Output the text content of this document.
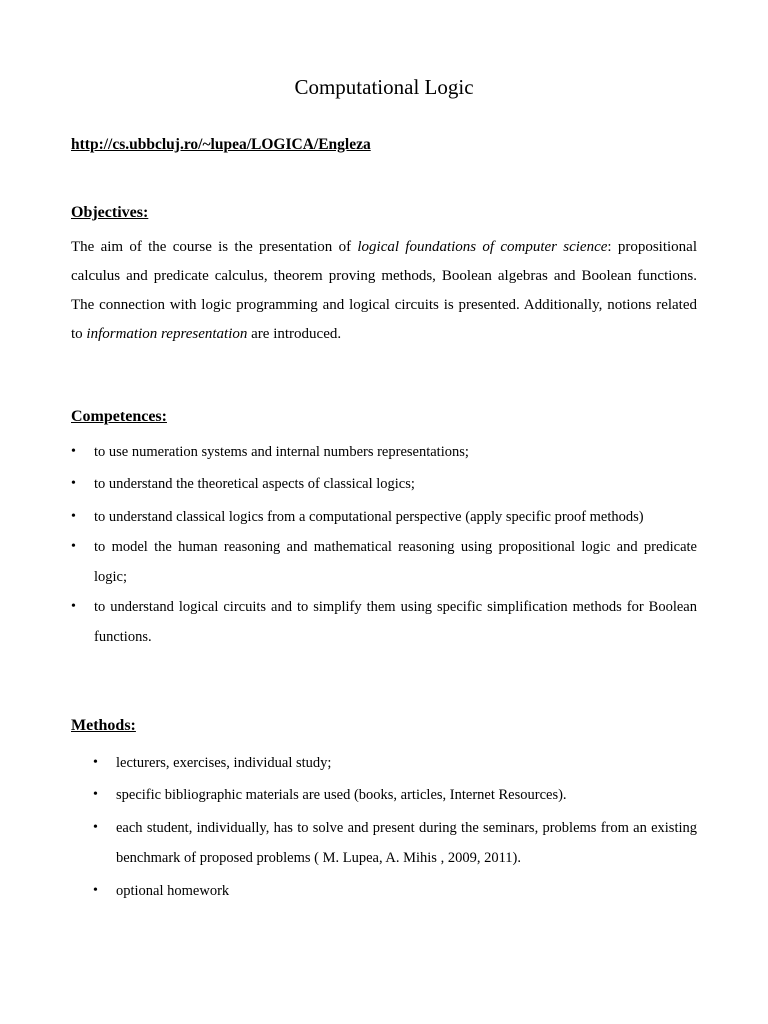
Computational Logic
http://cs.ubbcluj.ro/~lupea/LOGICA/Engleza
Objectives:
The aim of the course is the presentation of logical foundations of computer science: propositional calculus and predicate calculus, theorem proving methods, Boolean algebras and Boolean functions. The connection with logic programming and logical circuits is presented. Additionally, notions related to information representation are introduced.
Competences:
• to use numeration systems and internal numbers representations;
• to understand the theoretical aspects of classical logics;
• to understand classical logics from a computational perspective (apply specific proof methods)
• to model the human reasoning and mathematical reasoning using propositional logic and predicate logic;
• to understand logical circuits and to simplify them using specific simplification methods for Boolean functions.
Methods:
• lecturers, exercises, individual study;
• specific bibliographic materials are used (books, articles, Internet Resources).
• each student, individually, has to solve and present during the seminars, problems from an existing benchmark of proposed problems ( M. Lupea, A. Mihis , 2009, 2011).
• optional homework
